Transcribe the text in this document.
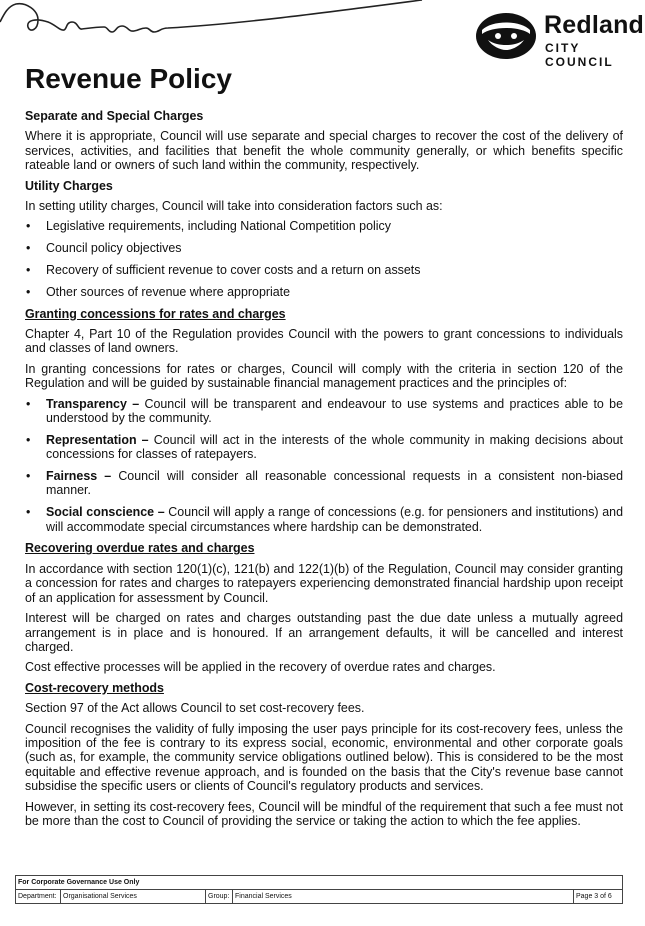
Redland
CITY COUNCIL
Revenue Policy
Separate and Special Charges

Where it is appropriate, Council will use separate and special charges to recover the cost of the delivery of services, activities, and facilities that benefit the whole community generally, or which benefits specific rateable land or owners of such land within the community, respectively.

Utility Charges

In setting utility charges, Council will take into consideration factors such as:

• Legislative requirements, including National Competition policy
• Council policy objectives
• Recovery of sufficient revenue to cover costs and a return on assets
• Other sources of revenue where appropriate
Granting concessions for rates and charges

Chapter 4, Part 10 of the Regulation provides Council with the powers to grant concessions to individuals and classes of land owners.

In granting concessions for rates or charges, Council will comply with the criteria in section 120 of the Regulation and will be guided by sustainable financial management practices and the principles of:

• Transparency – Council will be transparent and endeavour to use systems and practices able to be understood by the community.
• Representation – Council will act in the interests of the whole community in making decisions about concessions for classes of ratepayers.
• Fairness – Council will consider all reasonable concessional requests in a consistent non-biased manner.
• Social conscience – Council will apply a range of concessions (e.g. for pensioners and institutions) and will accommodate special circumstances where hardship can be demonstrated.
Recovering overdue rates and charges

In accordance with section 120(1)(c), 121(b) and 122(1)(b) of the Regulation, Council may consider granting a concession for rates and charges to ratepayers experiencing demonstrated financial hardship upon receipt of an application for assessment by Council.

Interest will be charged on rates and charges outstanding past the due date unless a mutually agreed arrangement is in place and is honoured. If an arrangement defaults, it will be cancelled and interest charged.

Cost effective processes will be applied in the recovery of overdue rates and charges.

Cost-recovery methods

Section 97 of the Act allows Council to set cost-recovery fees.

Council recognises the validity of fully imposing the user pays principle for its cost-recovery fees, unless the imposition of the fee is contrary to its express social, economic, environmental and other corporate goals (such as, for example, the community service obligations outlined below). This is considered to be the most equitable and effective revenue approach, and is founded on the basis that the City's revenue base cannot subsidise the specific users or clients of Council's regulatory products and services.

However, in setting its cost-recovery fees, Council will be mindful of the requirement that such a fee must not be more than the cost to Council of providing the service or taking the action to which the fee applies.

For Corporate Governance Use Only
Department:	Organisational Services	Group:	Financial Services	Page 3 of 6
